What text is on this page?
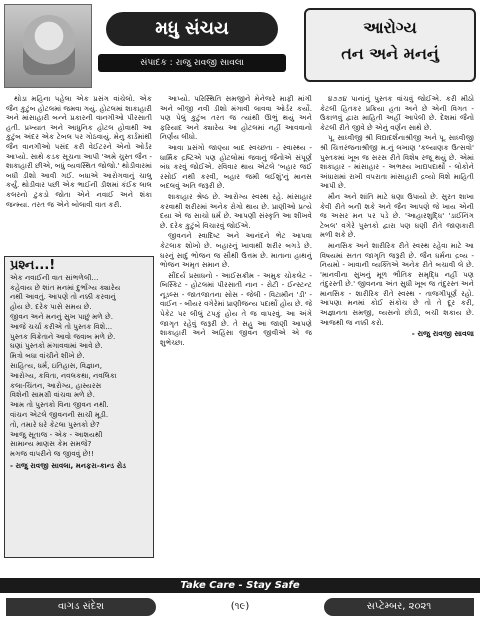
મધુ સંચય
સંપાદક : રાજુ રાવજી સાવલા
આરોગ્ય
તન અને મનનું

થોડા મહિના પહેલા એક પ્રસંગ વાંચેલો. એક જૈન કુટુંબ હોટલમાં જમવા ગયું. હોટલમાં શાકાહારી અને માંસાહારી બન્ને પ્રકારની વાનગીઓ પીરસાતી હતી. પ્રખ્યાત અને આધુનિક હોટલ હોવાથી આ કુટુંબ અંદર એક ટેબલ પર ગોઠવાયું. મેનુ કાર્ડમાંથી જૈન વાનગીઓ પસંદ કરી વેઈટરને એનો ઓર્ડર આપ્યો. સાથે કડક સૂચના આપી 'અમે ચુસ્ત જૈન - શાકાહારી છીએ, બધું વ્યવસ્થિત જોજો.' થોડીવારમાં બધી ડીશો આવી ગઈ. બધાએ આરોગવાનું ચાલુ કર્યું. થોડીવાર પછી એક ભાઈની ડીશમાં કંઈક લાલ કલરનો ટુકડો જોતા એને નવાઈ અને શંકા જન્મ્યા. તરત જ એને બોલાવી વાત કરી.

પ્રશ્ન...!
એક નવાઈની વાત સાંભળેલી...
કહેવાય છે શાંત મનમાં દુર્ભાગ્ય ક્યારેય
નથી આવતું. આપણે તો નક્કી કરવાનું
હોય છે. દરેક પાસે સમય છે.
જીવન અને મનનું સુખ પાછું મળે છે.
આજે ચર્ચા કરીએ તો પુસ્તક વિશે...
પુસ્તક વિક્રેતાને આવો જવાબ મળે છે.
ઘણાં પુસ્તકો મંગાવવામાં આવે છે.
મિત્રો બધા વાંચીને શીખે છે.
સાહિત્ય, ધર્મ, ઇતિહાસ, વિજ્ઞાન,
આરોગ્ય, કવિતા, નવલકથા, નવલિકા
કલા-ચિંતન, આરોગ્ય, હાસ્યરસ
વિશેની સામગ્રી વાંચવા મળે છે.
આમ તો પુસ્તકો વિના જીવન નથી.
વાંચન એટલે જીવનની સાચી મૂડી.
તો, તમારે ઘરે કેટલા પુસ્તકો છે?
આજુ સૂતાજ - એક - આશયથી
સામાન્ય માણસ કેમ સમજે?
મગજ વાપરીને જ જીવવું છે!!
- રાજુ રાવજી સાવલા, મનફરા-કાન્ડ રોડ

આપ્યો. પરિસ્થિતિ સમજીને મેનેજરે માફી માંગી અને બીજી નવી ડીશો મંગાવી લાવવા ઓર્ડર કર્યો. પણ પેલું કુટુંબ તરત જ ત્યાંથી ઊભું થયું અને ફરિયાદ અને ક્યારેય આ હોટલમાં નહીં આવવાનો નિર્ણય લીધો.

આવા પ્રસંગો જાણ્યા બાદ સ્વચ્છતા - સ્વાસ્થ્ય - ધાર્મિક દ્રષ્ટિએ પણ હોટલોમાં જવાનું જૈનોએ સંપૂર્ણ બંધ કરવું જોઈએ. રવિવાર થાય એટલે 'બહાર જઈ રસોઈ નથી કરવી, બહાર જમી લઈશું'નું માનસ બદલવું અતિ જરૂરી છે.

શાકાહાર શ્રેષ્ઠ છે. આરોગ્ય સ્વસ્થ રહે. માંસાહાર કરવાથી શરીરમાં અનેક રોગો થાય છે. પ્રાણીઓ પ્રત્યે દયા એ જ સાચો ધર્મ છે. આપણી સંસ્કૃતિ આ શીખવે છે. દરેક કુટુંબે વિચારવું જોઈએ.

જીવનને સ્વાદિષ્ટ અને આનંદને ભેટ આપવા કેટલાક શોખો છે. બહારનું ખાવાથી શરીર બગડે છે. ઘરનું સાદું ભોજન જ સૌથી ઉત્તમ છે. માતાના હાથનું ભોજન અમૃત સમાન છે.

સૌંદર્ય પ્રસાધનો - આઈસક્રીમ - અમુક ચોકલેટ - બિસ્કિટ - હોટલમાં પીરસાતી નાન - રોટી - ઈન્સ્ટન્ટ નૂડલ્સ - જાતજાતના સોસ - જેલી - વિટામીન 'ડી' - વાઈન - બીયર વગેરેમાં પ્રાણીજન્ય પદાર્થો હોય છે. જે પેકેટ પર લીલું ટપકું હોય તે જ વાપરવું. આ અંગે જાગૃત રહેવું જરૂરી છે. તે સહુ આ જાણી આપણે શાકાહારી અને અહિંસા જીવન જીવીએ એ જ શુભેચ્છા.

૪૭૭૪ પાનાંનું પુસ્તક વાંચવું જોઈએ. કરી મીઠો કેટલી હિતકર પ્રક્રિયા હતા અને છે એની વિગત - ઉકાળવું દ્વારા માહિતી અહીં આપેલી છે. દેશમાં જૈનો કેટલી રીતે જીવે છે એનું વર્ણન સાથે છે.

પૂ. સાધ્વીજી શ્રી વિદ્યાદર્શનાશ્રીજી અને પૂ. સાધ્વીજી શ્રી ચિત્તરંજનાશ્રીજી મ.નું લખાણ 'કલ્યાણક ઉત્સવો' પુસ્તકમાં ખૂબ જ સરસ રીતે વિશેષ રજૂ થયું છે. એમાં શાકાહાર - માંસાહાર - અભક્ષ્ય ખાદ્યપદાર્થો - લોકોને અંધારામાં રાખી વપરાતા માંસાહારી દ્રવ્યો વિશે માહિતી આપી છે.

મૌન અને શાંતિ માટે ઘણા ઉપાયો છે. સુરત શાખા કેવી રીતે બની શકે અને જૈન આપણે જે ખાય એની જ અસર મન પર પડે છે. 'આહારશુદ્ધિ' 'ડાઈનિંગ ટેબલ' વગેરે પુસ્તકો દ્વારા પણ ઘણી રીતે જાણકારી મળી શકે છે.

માનસિક અને શારીરિક રીતે સ્વસ્થ રહેવા માટે આ વિષયમાં સતત જાગૃતિ જરૂરી છે. જૈન ધર્મના દ્રવ્ય - નિયમો - ખાવાની વ્યક્તિએ અનેક રીતે બચાવી લે છે. 'માનવીના સુખનું મૂળ ભૌતિક સમૃદ્ધિ નહીં પણ તંદુરસ્તી છે.' જીવનના અંત સુધી ખૂબ જ તંદુરસ્ત અને માનસિક - શારીરિક રીતે સ્વસ્થ - તાજગીપૂર્ણ રહો. આપણા મનમાં કોઈ સંકોચ છે તો તે દૂર કરી, અજ્ઞાનતા સમજી, વ્યસનો છોડી, બચી શકાય છે. આજથી જ નક્કી કરો.

- રાજુ રાવજી સાવલા
Take Care - Stay Safe
વાગડ સંદેશ	(૧૯)	સપ્ટેમ્બર, ૨૦૨૧
